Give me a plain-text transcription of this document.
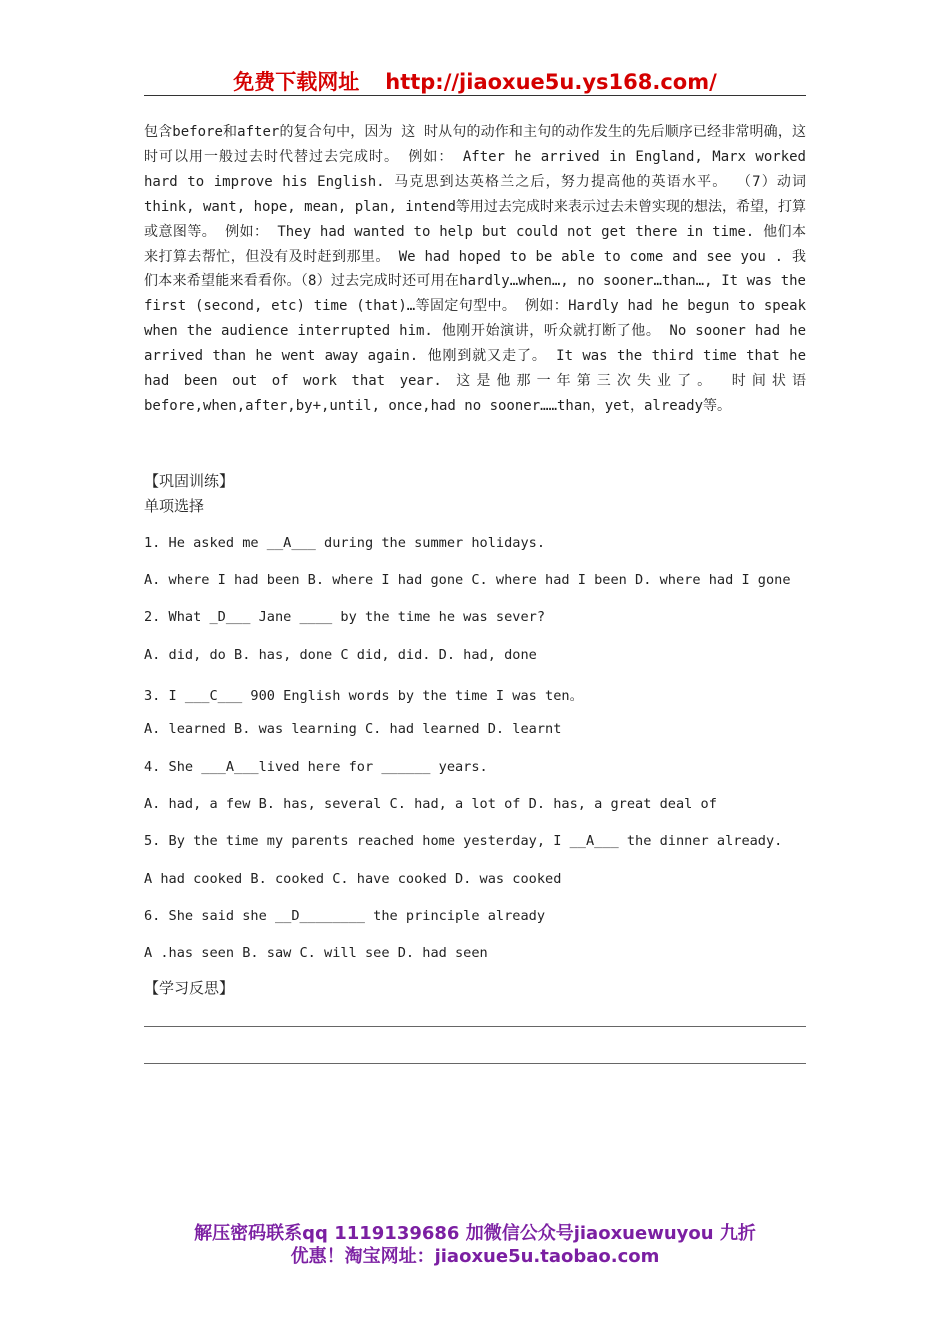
免费下载网址 http://jiaoxue5u.ys168.com/
包含before和after的复合句中，因为 这 时从句的动作和主句的动作发生的先后顺序已经非常明确，这时可以用一般过去时代替过去完成时。 例如： After he arrived in England, Marx worked hard to improve his English. 马克思到达英格兰之后，努力提高他的英语水平。 （7）动词think, want, hope, mean, plan, intend等用过去完成时来表示过去未曾实现的想法，希望，打算或意图等。 例如： They had wanted to help but could not get there in time. 他们本来打算去帮忙，但没有及时赶到那里。 We had hoped to be able to come and see you . 我们本来希望能来看看你。（8）过去完成时还可用在hardly…when…, no sooner…than…, It was the first (second, etc) time (that)…等固定句型中。 例如：Hardly had he begun to speak when the audience interrupted him. 他刚开始演讲，听众就打断了他。 No sooner had he arrived than he went away again. 他刚到就又走了。 It was the third time that he had been out of work that year. 这是他那一年第三次失业了。 时间状语before,when,after,by+,until, once,had no sooner……than，yet，already等。
【巩固训练】
单项选择
1. He asked me __A___ during the summer holidays.
A. where I had been B. where I had gone C. where had I been D. where had I gone
2. What _D___ Jane ____ by the time he was sever?
A. did, do B. has, done C did, did. D. had, done
3. I ___C___ 900 English words by the time I was ten。
A. learned B. was learning C. had learned D. learnt
4. She ___A___lived here for ______ years.
A. had, a few B. has, several C. had, a lot of D. has, a great deal of
5. By the time my parents reached home yesterday, I __A___ the dinner already.
A had cooked B. cooked C. have cooked D. was cooked
6. She said she __D________ the principle already
A .has seen B. saw C. will see D. had seen
【学习反思】
解压密码联系qq 1119139686 加微信公众号jiaoxuewuyou 九折
优惠！淘宝网址：jiaoxue5u.taobao.com
